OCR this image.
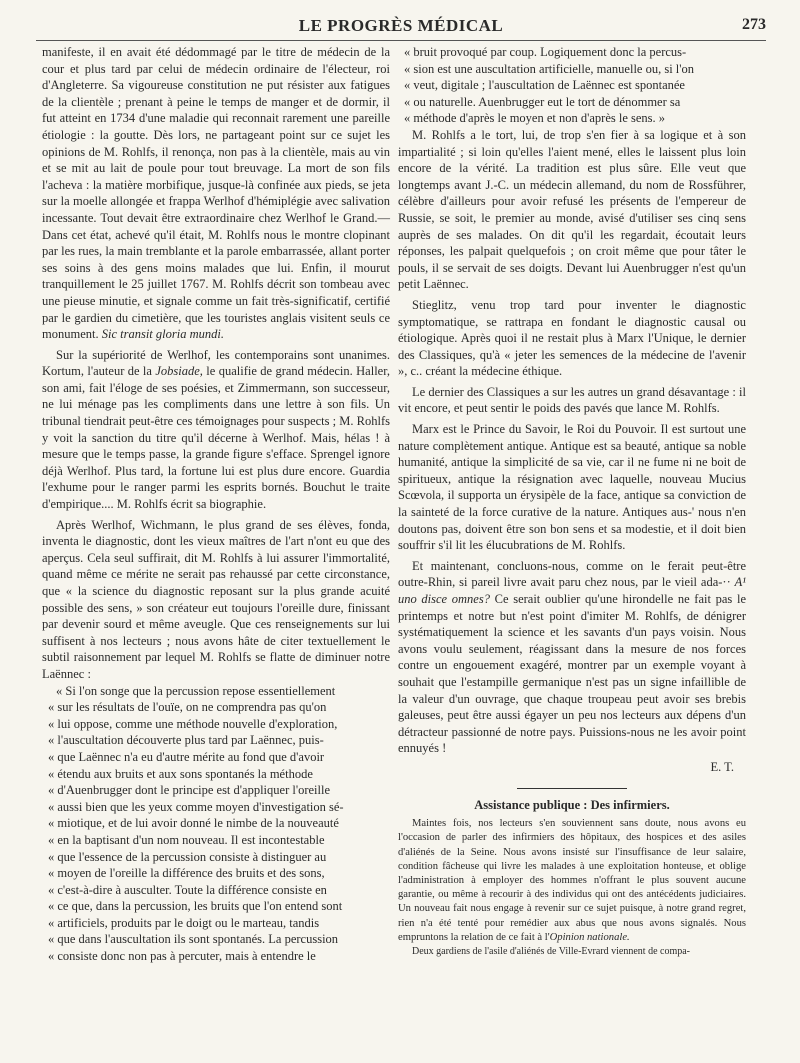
LE PROGRÈS MÉDICAL	273

manifeste, il en avait été dédommagé par le titre de médecin de la cour et plus tard par celui de médecin ordinaire de l'électeur, roi d'Angleterre. Sa vigoureuse constitution ne put résister aux fatigues de la clientèle ; prenant à peine le temps de manger et de dormir, il fut atteint en 1734 d'une maladie qui reconnait rarement une pareille étiologie : la goutte. Dès lors, ne partageant point sur ce sujet les opinions de M. Rohlfs, il renonça, non pas à la clientèle, mais au vin et se mit au lait de poule pour tout breuvage. La mort de son fils l'acheva : la matière morbifique, jusque-là confinée aux pieds, se jeta sur la moelle allongée et frappa Werlhof d'hémiplégie avec salivation incessante. Tout devait être extraordinaire chez Werlhof le Grand.—Dans cet état, achevé qu'il était, M. Rohlfs nous le montre clopinant par les rues, la main tremblante et la parole embarrassée, allant porter ses soins à des gens moins malades que lui. Enfin, il mourut tranquillement le 25 juillet 1767. M. Rohlfs décrit son tombeau avec une pieuse minutie, et signale comme un fait très-significatif, certifié par le gardien du cimetière, que les touristes anglais visitent seuls ce monument. Sic transit gloria mundi.

Sur la supériorité de Werlhof, les contemporains sont unanimes. Kortum, l'auteur de la Jobsiade, le qualifie de grand médecin. Haller, son ami, fait l'éloge de ses poésies, et Zimmermann, son successeur, ne lui ménage pas les compliments dans une lettre à son fils. Un tribunal tiendrait peut-être ces témoignages pour suspects ; M. Rohlfs y voit la sanction du titre qu'il décerne à Werlhof. Mais, hélas ! à mesure que le temps passe, la grande figure s'efface. Sprengel ignore déjà Werlhof. Plus tard, la fortune lui est plus dure encore. Guardia l'exhume pour le ranger parmi les esprits bornés. Bouchut le traite d'empirique.... M. Rohlfs écrit sa biographie.

Après Werlhof, Wichmann, le plus grand de ses élèves, fonda, inventa le diagnostic, dont les vieux maîtres de l'art n'ont eu que des aperçus. Cela seul suffirait, dit M. Rohlfs à lui assurer l'immortalité, quand même ce mérite ne serait pas rehaussé par cette circonstance, que « la science du diagnostic reposant sur la plus grande acuité possible des sens, » son créateur eut toujours l'oreille dure, finissant par devenir sourd et même aveugle. Que ces renseignements sur lui suffisent à nos lecteurs ; nous avons hâte de citer textuellement le subtil raisonnement par lequel M. Rohlfs se flatte de diminuer notre Laënnec :

« Si l'on songe que la percussion repose essentiellement
« sur les résultats de l'ouïe, on ne comprendra pas qu'on
« lui oppose, comme une méthode nouvelle d'exploration,
« l'auscultation découverte plus tard par Laënnec, puis-
« que Laënnec n'a eu d'autre mérite au fond que d'avoir
« étendu aux bruits et aux sons spontanés la méthode
« d'Auenbrugger dont le principe est d'appliquer l'oreille
« aussi bien que les yeux comme moyen d'investigation sé-
« miotique, et de lui avoir donné le nimbe de la nouveauté
« en la baptisant d'un nom nouveau. Il est incontestable
« que l'essence de la percussion consiste à distinguer au
« moyen de l'oreille la différence des bruits et des sons,
« c'est-à-dire à ausculter. Toute la différence consiste en
« ce que, dans la percussion, les bruits que l'on entend sont
« artificiels, produits par le doigt ou le marteau, tandis
« que dans l'auscultation ils sont spontanés. La percussion
« consiste donc non pas à percuter, mais à entendre le
« bruit provoqué par coup. Logiquement donc la percus-
« sion est une auscultation artificielle, manuelle ou, si l'on
« veut, digitale ; l'auscultation de Laënnec est spontanée
« ou naturelle. Auenbrugger eut le tort de dénommer sa
« méthode d'après le moyen et non d'après le sens. »

M. Rohlfs a le tort, lui, de trop s'en fier à sa logique et à son impartialité ; si loin qu'elles l'aient mené, elles le laissent plus loin encore de la vérité. La tradition est plus sûre. Elle veut que longtemps avant J.-C. un médecin allemand, du nom de Rossführer, célèbre d'ailleurs pour avoir refusé les présents de l'empereur de Russie, se soit, le premier au monde, avisé d'utiliser ses cinq sens auprès de ses malades. On dit qu'il les regardait, écoutait leurs réponses, les palpait quelquefois ; on croit même que pour tâter le pouls, il se servait de ses doigts. Devant lui Auenbrugger n'est qu'un petit Laënnec.

Stieglitz, venu trop tard pour inventer le diagnostic symptomatique, se rattrapa en fondant le diagnostic causal ou étiologique. Après quoi il ne restait plus à Marx l'Unique, le dernier des Classiques, qu'à « jeter les semences de la médecine de l'avenir », c.. créant la médecine éthique.

Le dernier des Classiques a sur les autres un grand désavantage : il vit encore, et peut sentir le poids des pavés que lance M. Rohlfs.

Marx est le Prince du Savoir, le Roi du Pouvoir. Il est surtout une nature complètement antique. Antique est sa beauté, antique sa noble humanité, antique la simplicité de sa vie, car il ne fume ni ne boit de spiritueux, antique la résignation avec laquelle, nouveau Mucius Scœvola, il supporta un érysipèle de la face, antique sa conviction de la sainteté de la force curative de la nature. Antiques aus-' nous n'en doutons pas, doivent être son bon sens et sa modestie, et il doit bien souffrir s'il lit les élucubrations de M. Rohlfs.

Et maintenant, concluons-nous, comme on le ferait peut-être outre-Rhin, si pareil livre avait paru chez nous, par le vieil ada-·· A¹ uno disce omnes? Ce serait oublier qu'une hirondelle ne fait pas le printemps et notre but n'est point d'imiter M. Rohlfs, de dénigrer systématiquement la science et les savants d'un pays voisin. Nous avons voulu seulement, réagissant dans la mesure de nos forces contre un engouement exagéré, montrer par un exemple voyant à souhait que l'estampille germanique n'est pas un signe infaillible de la valeur d'un ouvrage, que chaque troupeau peut avoir ses brebis galeuses, peut être aussi égayer un peu nos lecteurs aux dépens d'un détracteur passionné de notre pays. Puissions-nous ne les avoir point ennuyés !

E. T.
Assistance publique : Des infirmiers.

Maintes fois, nos lecteurs s'en souviennent sans doute, nous avons eu l'occasion de parler des infirmiers des hôpitaux, des hospices et des asiles d'aliénés de la Seine. Nous avons insisté sur l'insuffisance de leur salaire, condition fâcheuse qui livre les malades à une exploitation honteuse, et oblige l'administration à employer des hommes n'offrant le plus souvent aucune garantie, ou même à recourir à des individus qui ont des antécédents judiciaires. Un nouveau fait nous engage à revenir sur ce sujet puisque, à notre grand regret, rien n'a été tenté pour remédier aux abus que nous avons signalés. Nous empruntons la relation de ce fait à l'Opinion nationale.

Deux gardiens de l'asile d'aliénés de Ville-Evrard viennent de compa-
